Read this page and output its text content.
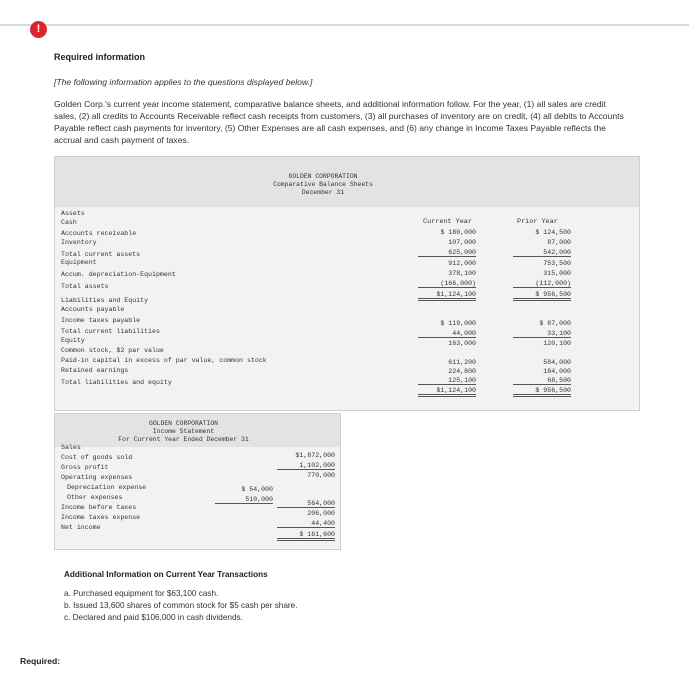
!
Required information
[The following information applies to the questions displayed below.]
Golden Corp.'s current year income statement, comparative balance sheets, and additional information follow. For the year, (1) all sales are credit sales, (2) all credits to Accounts Receivable reflect cash receipts from customers, (3) all purchases of inventory are on credit, (4) all debits to Accounts Payable reflect cash payments for inventory, (5) Other Expenses are all cash expenses, and (6) any change in Income Taxes Payable reflects the accrual and cash payment of taxes.
GOLDEN CORPORATION
Comparative Balance Sheets
December 31
Current Year	Prior Year
Assets
Cash
Accounts receivable
Inventory
Total current assets
Equipment
Accum. depreciation-Equipment
Total assets
Liabilities and Equity
Accounts payable
Income taxes payable
Total current liabilities
Equity
Common stock, $2 par value
Paid-in capital in excess of par value, common stock
Retained earnings
Total liabilities and equity
$ 180,000
107,000
625,000
912,000
378,100
(166,000)
$1,124,100
$ 119,000
44,000
163,000
611,200
224,800
125,100
$1,124,100
$ 124,500
87,000
542,000
753,500
315,000
(112,000)
$ 956,500
$ 87,000
33,100
120,100
584,000
184,000
68,500
$ 956,500
GOLDEN CORPORATION
Income Statement
For Current Year Ended December 31
Sales
Cost of goods sold
Gross profit
Operating expenses
Depreciation expense
Other expenses
Income before taxes
Income taxes expense
Net income
$ 54,000
510,000
$1,872,000
1,102,000
770,000
564,000
206,000
44,400
$ 161,600
Additional Information on Current Year Transactions
a. Purchased equipment for $63,100 cash.
b. Issued 13,600 shares of common stock for $5 cash per share.
c. Declared and paid $106,000 in cash dividends.
Required:
